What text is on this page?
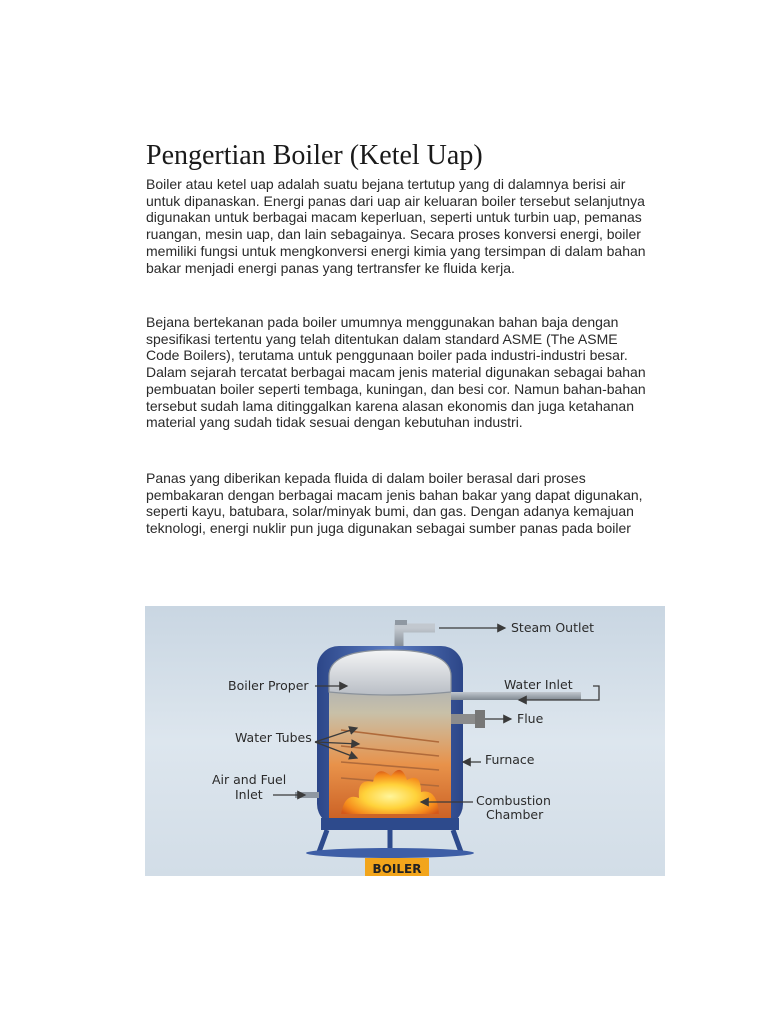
Pengertian Boiler (Ketel Uap)

Boiler atau ketel uap adalah suatu bejana tertutup yang di dalamnya berisi air untuk dipanaskan. Energi panas dari uap air keluaran boiler tersebut selanjutnya digunakan untuk berbagai macam keperluan, seperti untuk turbin uap, pemanas ruangan, mesin uap, dan lain sebagainya. Secara proses konversi energi, boiler memiliki fungsi untuk mengkonversi energi kimia yang tersimpan di dalam bahan bakar menjadi energi panas yang tertransfer ke fluida kerja.

Bejana bertekanan pada boiler umumnya menggunakan bahan baja dengan spesifikasi tertentu yang telah ditentukan dalam standard ASME (The ASME Code Boilers), terutama untuk penggunaan boiler pada industri-industri besar. Dalam sejarah tercatat berbagai macam jenis material digunakan sebagai bahan pembuatan boiler seperti tembaga, kuningan, dan besi cor. Namun bahan-bahan tersebut sudah lama ditinggalkan karena alasan ekonomis dan juga ketahanan material yang sudah tidak sesuai dengan kebutuhan industri.

Panas yang diberikan kepada fluida di dalam boiler berasal dari proses pembakaran dengan berbagai macam jenis bahan bakar yang dapat digunakan, seperti kayu, batubara, solar/minyak bumi, dan gas. Dengan adanya kemajuan teknologi, energi nuklir pun juga digunakan sebagai sumber panas pada boiler

Steam Outlet
Boiler Proper	Water Inlet
Flue
Water Tubes
Furnace
Air and Fuel
Inlet	Combustion
Chamber
BOILER
